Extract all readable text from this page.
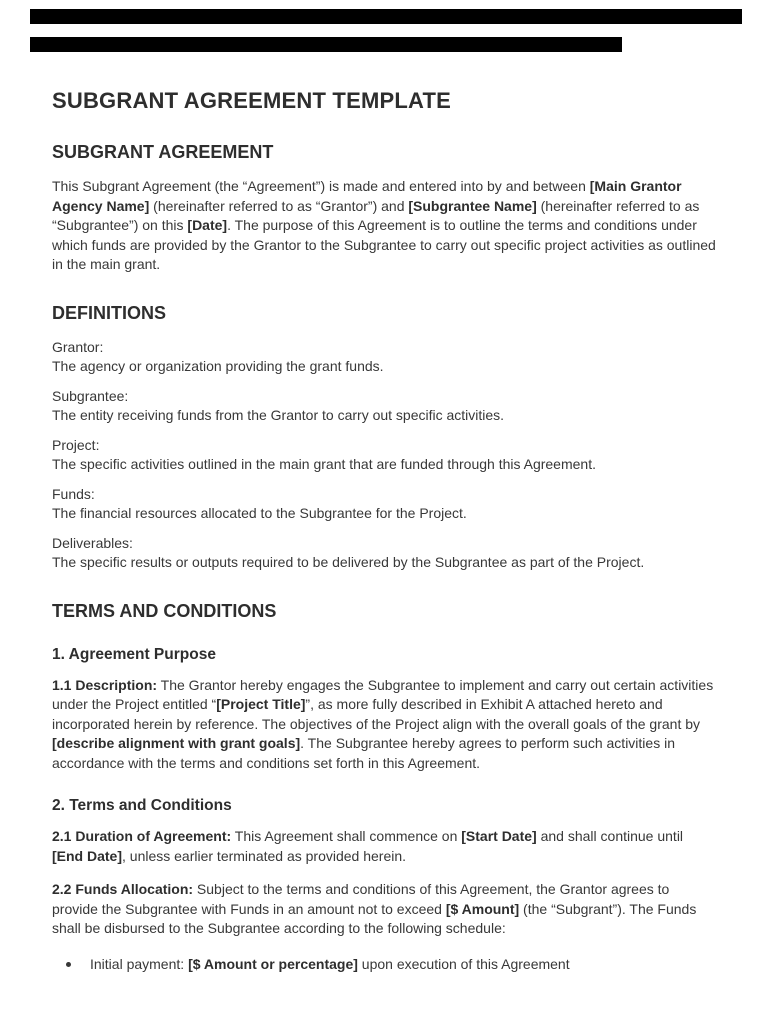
SUBGRANT AGREEMENT TEMPLATE
SUBGRANT AGREEMENT

This Subgrant Agreement (the “Agreement”) is made and entered into by and between [Main Grantor Agency Name] (hereinafter referred to as “Grantor”) and [Subgrantee Name] (hereinafter referred to as “Subgrantee”) on this [Date]. The purpose of this Agreement is to outline the terms and conditions under which funds are provided by the Grantor to the Subgrantee to carry out specific project activities as outlined in the main grant.

DEFINITIONS
Grantor:
The agency or organization providing the grant funds.
Subgrantee:
The entity receiving funds from the Grantor to carry out specific activities.
Project:
The specific activities outlined in the main grant that are funded through this Agreement.
Funds:
The financial resources allocated to the Subgrantee for the Project.
Deliverables:
The specific results or outputs required to be delivered by the Subgrantee as part of the Project.
TERMS AND CONDITIONS
1. Agreement Purpose

1.1 Description: The Grantor hereby engages the Subgrantee to implement and carry out certain activities under the Project entitled “[Project Title]”, as more fully described in Exhibit A attached hereto and incorporated herein by reference. The objectives of the Project align with the overall goals of the grant by [describe alignment with grant goals]. The Subgrantee hereby agrees to perform such activities in accordance with the terms and conditions set forth in this Agreement.

2. Terms and Conditions

2.1 Duration of Agreement: This Agreement shall commence on [Start Date] and shall continue until [End Date], unless earlier terminated as provided herein.

2.2 Funds Allocation: Subject to the terms and conditions of this Agreement, the Grantor agrees to provide the Subgrantee with Funds in an amount not to exceed [$ Amount] (the “Subgrant”). The Funds shall be disbursed to the Subgrantee according to the following schedule:

Initial payment: [$ Amount or percentage] upon execution of this Agreement
